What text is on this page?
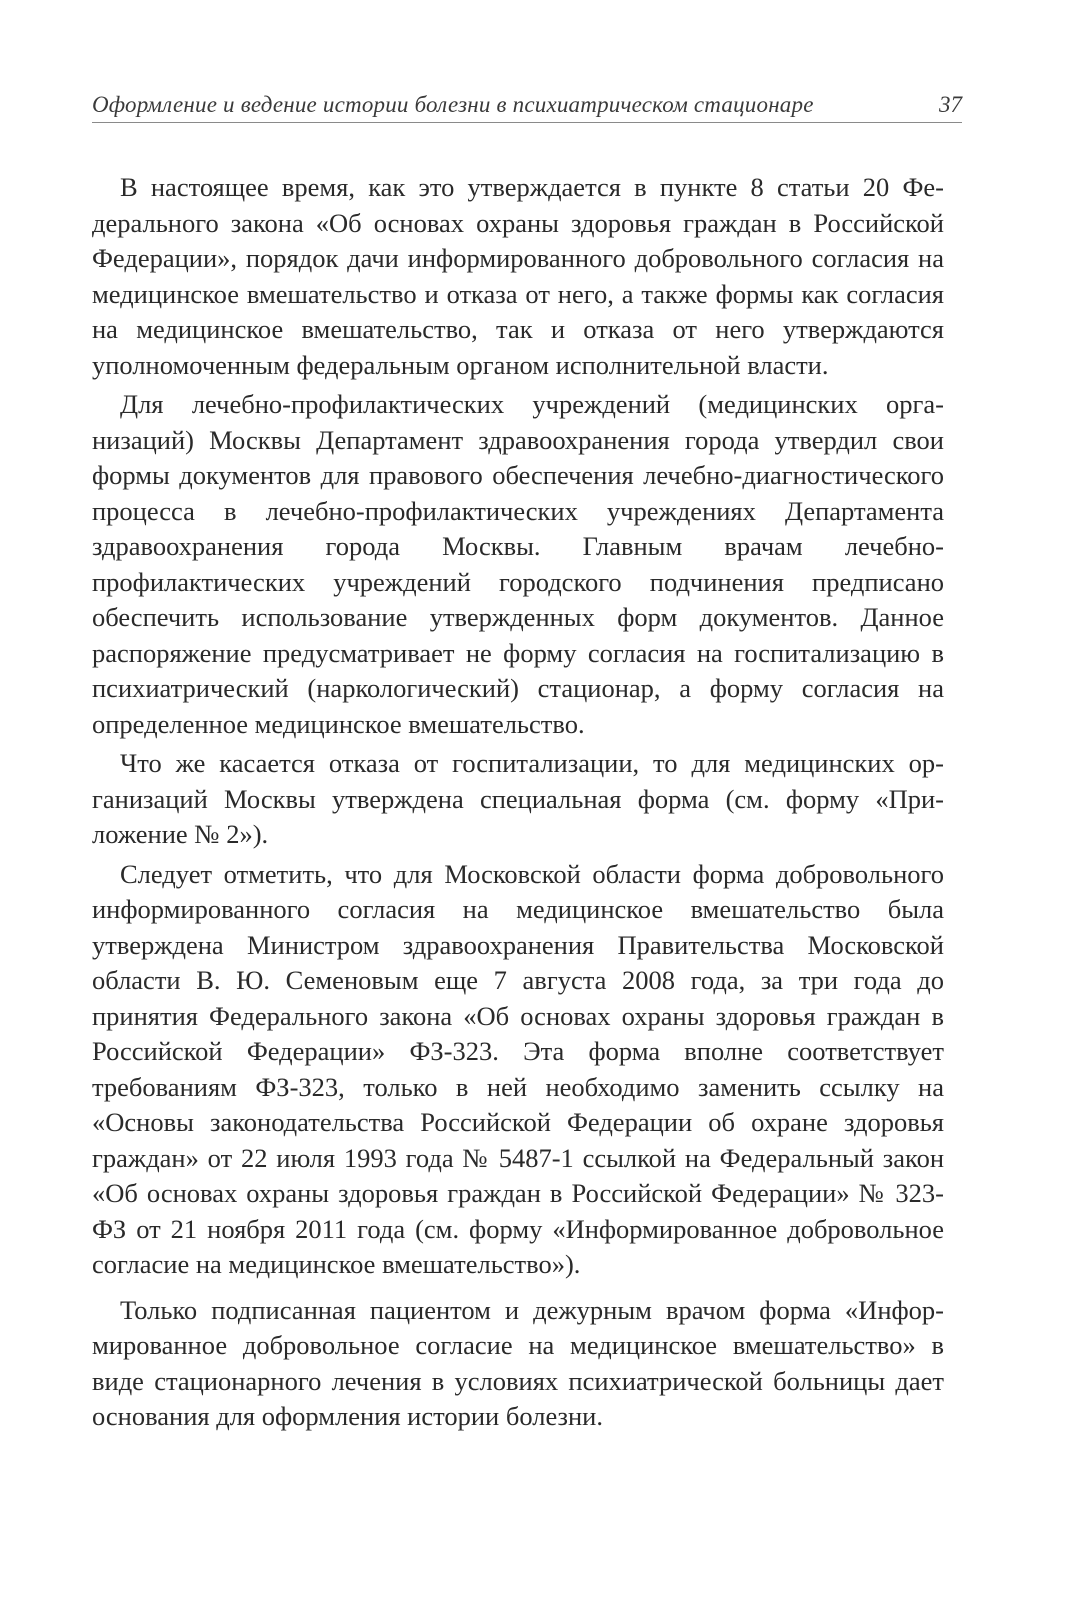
Оформление и ведение истории болезни в психиатрическом стационаре	37

В настоящее время, как это утверждается в пункте 8 статьи 20 Федерального закона «Об основах охраны здоровья граждан в Российской Федерации», порядок дачи информированного добровольного согласия на медицинское вмешательство и отказа от него, а также формы как согласия на медицинское вмешательство, так и отказа от него утверждаются уполномоченным федеральным органом исполнительной власти.

Для лечебно-профилактических учреждений (медицинских организаций) Москвы Департамент здравоохранения города утвердил свои формы документов для правового обеспечения лечебно-диагностического процесса в лечебно-профилактических учреждениях Департамента здравоохранения города Москвы. Главным врачам лечебно-профилактических учреждений городского подчинения предписано обеспечить использование утвержденных форм документов. Данное распоряжение предусматривает не форму согласия на госпитализацию в психиатрический (наркологический) стационар, а форму согласия на определенное медицинское вмешательство.

Что же касается отказа от госпитализации, то для медицинских организаций Москвы утверждена специальная форма (см. форму «Приложение № 2»).

Следует отметить, что для Московской области форма добровольного информированного согласия на медицинское вмешательство была утверждена Министром здравоохранения Правительства Московской области В. Ю. Семеновым еще 7 августа 2008 года, за три года до принятия Федерального закона «Об основах охраны здоровья граждан в Российской Федерации» ФЗ-323. Эта форма вполне соответствует требованиям ФЗ-323, только в ней необходимо заменить ссылку на «Основы законодательства Российской Федерации об охране здоровья граждан» от 22 июля 1993 года № 5487-1 ссылкой на Федеральный закон «Об основах охраны здоровья граждан в Российской Федерации» № 323-ФЗ от 21 ноября 2011 года (см. форму «Информированное добровольное согласие на медицинское вмешательство»).

Только подписанная пациентом и дежурным врачом форма «Информированное добровольное согласие на медицинское вмешательство» в виде стационарного лечения в условиях психиатрической больницы дает основания для оформления истории болезни.
